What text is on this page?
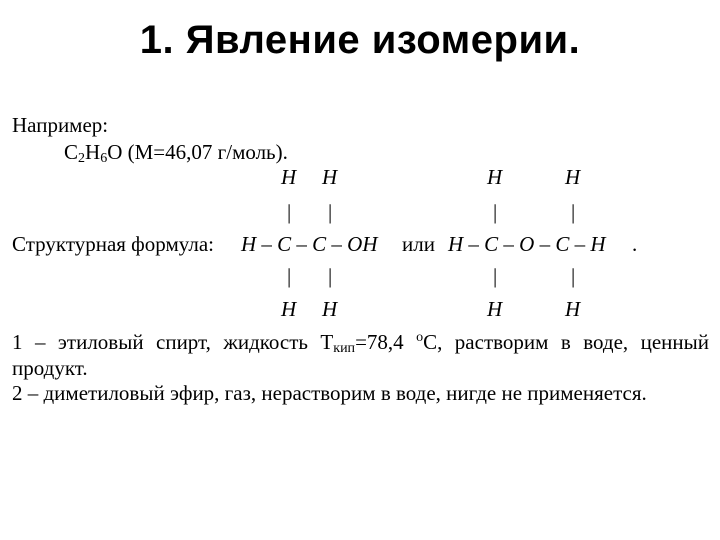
1. Явление изомерии.
Например:
$C_2H_6O$ (M=46,07 г/моль).
H H	H	H
| |	|	|
Структурная формула: H – C – C – OH или H – C – O – C – H .
| |	|	|
H H	H	H
1 – этиловый спирт, жидкость $T_{кип}=78,4$ $^o$C, растворим в воде, ценный
продукт.
2 – диметиловый эфир, газ, нерастворим в воде, нигде не применяется.
